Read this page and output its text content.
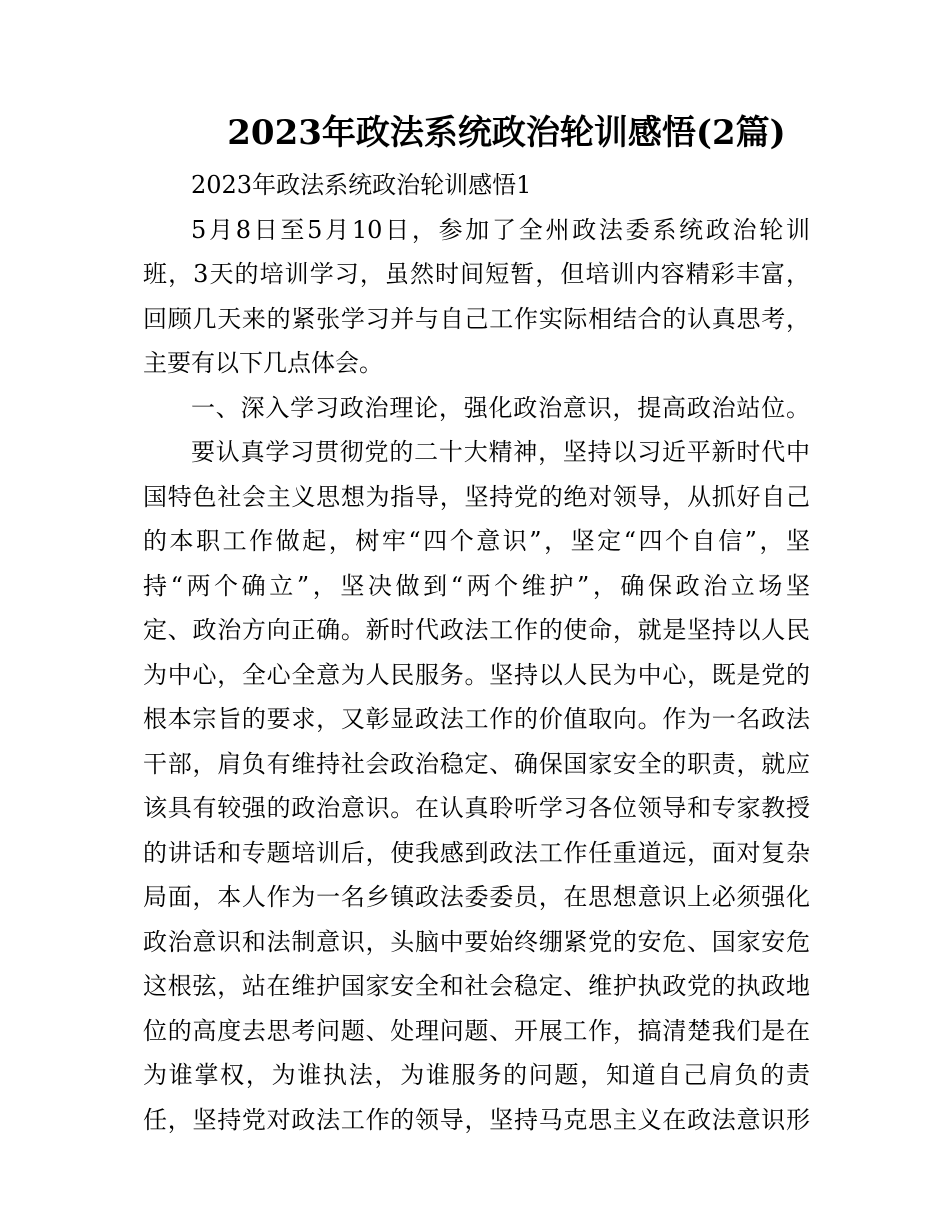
2023年政法系统政治轮训感悟(2篇)
2023年政法系统政治轮训感悟1
5月8日至5月10日，参加了全州政法委系统政治轮训
班，3天的培训学习，虽然时间短暂，但培训内容精彩丰富，
回顾几天来的紧张学习并与自己工作实际相结合的认真思考，
主要有以下几点体会。
一、深入学习政治理论，强化政治意识，提高政治站位。
要认真学习贯彻党的二十大精神，坚持以习近平新时代中
国特色社会主义思想为指导，坚持党的绝对领导，从抓好自己
的本职工作做起，树牢“四个意识”，坚定“四个自信”，坚
持“两个确立”，坚决做到“两个维护”，确保政治立场坚
定、政治方向正确。新时代政法工作的使命，就是坚持以人民
为中心，全心全意为人民服务。坚持以人民为中心，既是党的
根本宗旨的要求，又彰显政法工作的价值取向。作为一名政法
干部，肩负有维持社会政治稳定、确保国家安全的职责，就应
该具有较强的政治意识。在认真聆听学习各位领导和专家教授
的讲话和专题培训后，使我感到政法工作任重道远，面对复杂
局面，本人作为一名乡镇政法委委员，在思想意识上必须强化
政治意识和法制意识，头脑中要始终绷紧党的安危、国家安危
这根弦，站在维护国家安全和社会稳定、维护执政党的执政地
位的高度去思考问题、处理问题、开展工作，搞清楚我们是在
为谁掌权，为谁执法，为谁服务的问题，知道自己肩负的责
任，坚持党对政法工作的领导，坚持马克思主义在政法意识形
